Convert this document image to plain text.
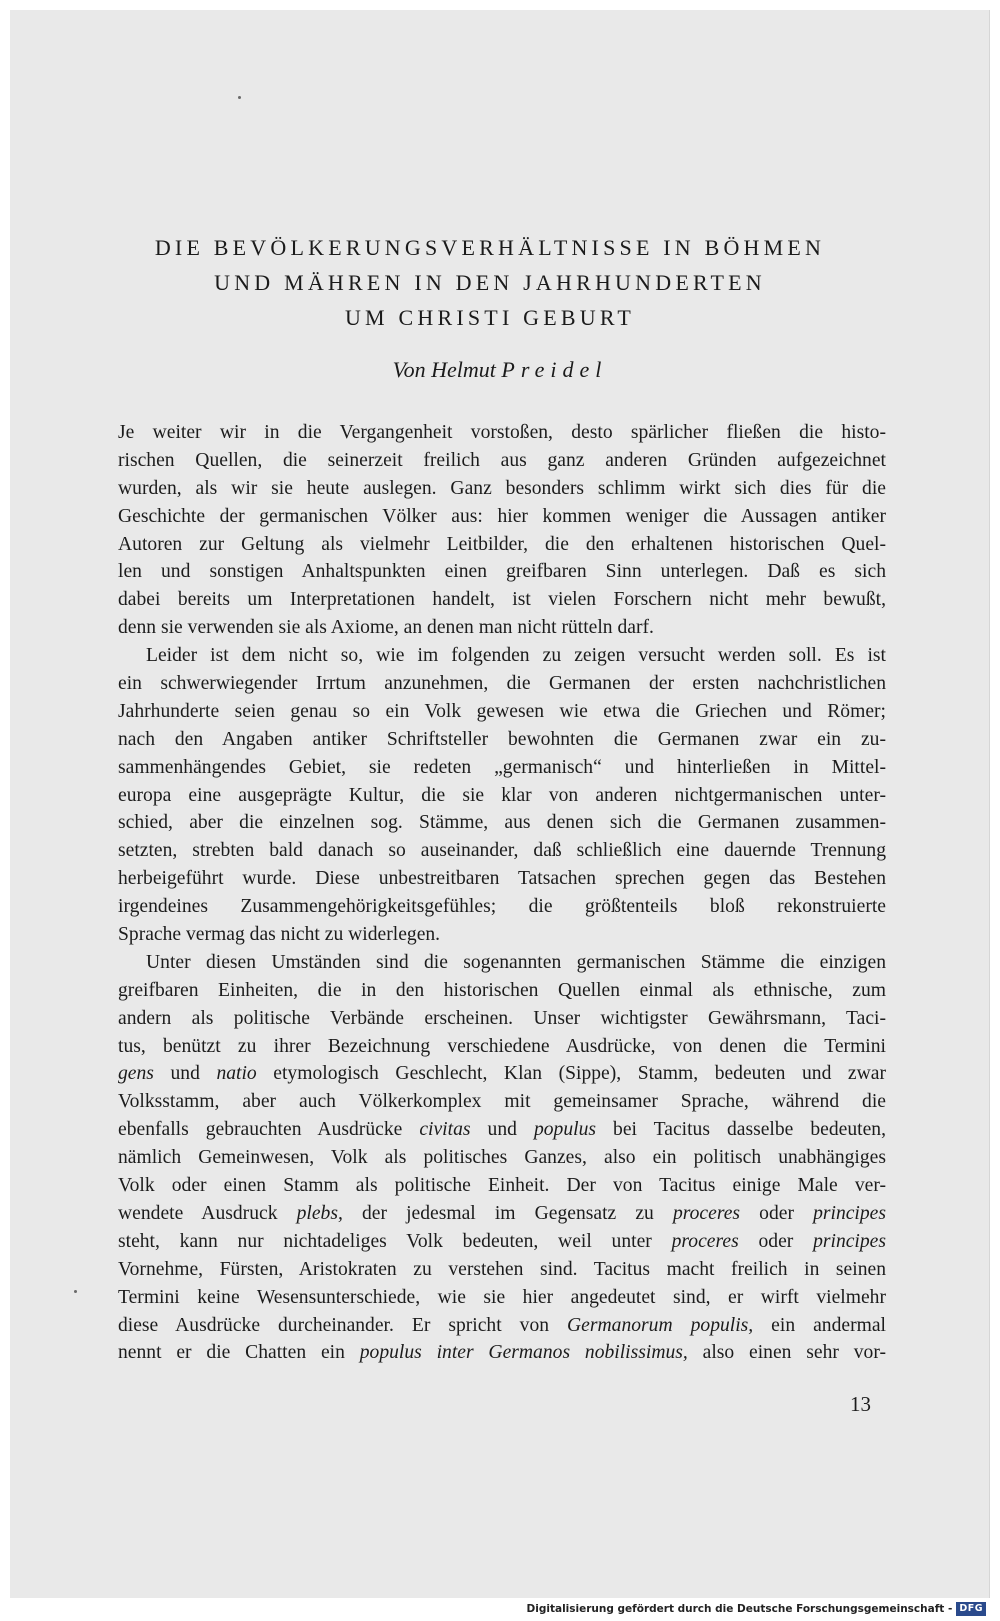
DIE BEVÖLKERUNGSVERHÄLTNISSE IN BÖHMEN
UND MÄHREN IN DEN JAHRHUNDERTEN
UM CHRISTI GEBURT
Von Helmut Preidel
Je weiter wir in die Vergangenheit vorstoßen, desto spärlicher fließen die histo-
rischen Quellen, die seinerzeit freilich aus ganz anderen Gründen aufgezeichnet
wurden, als wir sie heute auslegen. Ganz besonders schlimm wirkt sich dies für die
Geschichte der germanischen Völker aus: hier kommen weniger die Aussagen antiker
Autoren zur Geltung als vielmehr Leitbilder, die den erhaltenen historischen Quel-
len und sonstigen Anhaltspunkten einen greifbaren Sinn unterlegen. Daß es sich
dabei bereits um Interpretationen handelt, ist vielen Forschern nicht mehr bewußt,
denn sie verwenden sie als Axiome, an denen man nicht rütteln darf.
Leider ist dem nicht so, wie im folgenden zu zeigen versucht werden soll. Es ist
ein schwerwiegender Irrtum anzunehmen, die Germanen der ersten nachchristlichen
Jahrhunderte seien genau so ein Volk gewesen wie etwa die Griechen und Römer;
nach den Angaben antiker Schriftsteller bewohnten die Germanen zwar ein zu-
sammenhängendes Gebiet, sie redeten „germanisch“ und hinterließen in Mittel-
europa eine ausgeprägte Kultur, die sie klar von anderen nichtgermanischen unter-
schied, aber die einzelnen sog. Stämme, aus denen sich die Germanen zusammen-
setzten, strebten bald danach so auseinander, daß schließlich eine dauernde Trennung
herbeigeführt wurde. Diese unbestreitbaren Tatsachen sprechen gegen das Bestehen
irgendeines Zusammengehörigkeitsgefühles; die größtenteils bloß rekonstruierte
Sprache vermag das nicht zu widerlegen.
Unter diesen Umständen sind die sogenannten germanischen Stämme die einzigen
greifbaren Einheiten, die in den historischen Quellen einmal als ethnische, zum
andern als politische Verbände erscheinen. Unser wichtigster Gewährsmann, Taci-
tus, benützt zu ihrer Bezeichnung verschiedene Ausdrücke, von denen die Termini
gens und natio etymologisch Geschlecht, Klan (Sippe), Stamm, bedeuten und zwar
Volksstamm, aber auch Völkerkomplex mit gemeinsamer Sprache, während die
ebenfalls gebrauchten Ausdrücke civitas und populus bei Tacitus dasselbe bedeuten,
nämlich Gemeinwesen, Volk als politisches Ganzes, also ein politisch unabhängiges
Volk oder einen Stamm als politische Einheit. Der von Tacitus einige Male ver-
wendete Ausdruck plebs, der jedesmal im Gegensatz zu proceres oder principes
steht, kann nur nichtadeliges Volk bedeuten, weil unter proceres oder principes
Vornehme, Fürsten, Aristokraten zu verstehen sind. Tacitus macht freilich in seinen
Termini keine Wesensunterschiede, wie sie hier angedeutet sind, er wirft vielmehr
diese Ausdrücke durcheinander. Er spricht von Germanorum populis, ein andermal
nennt er die Chatten ein populus inter Germanos nobilissimus, also einen sehr vor-
13
Digitalisierung gefördert durch die Deutsche Forschungsgemeinschaft - DFG
